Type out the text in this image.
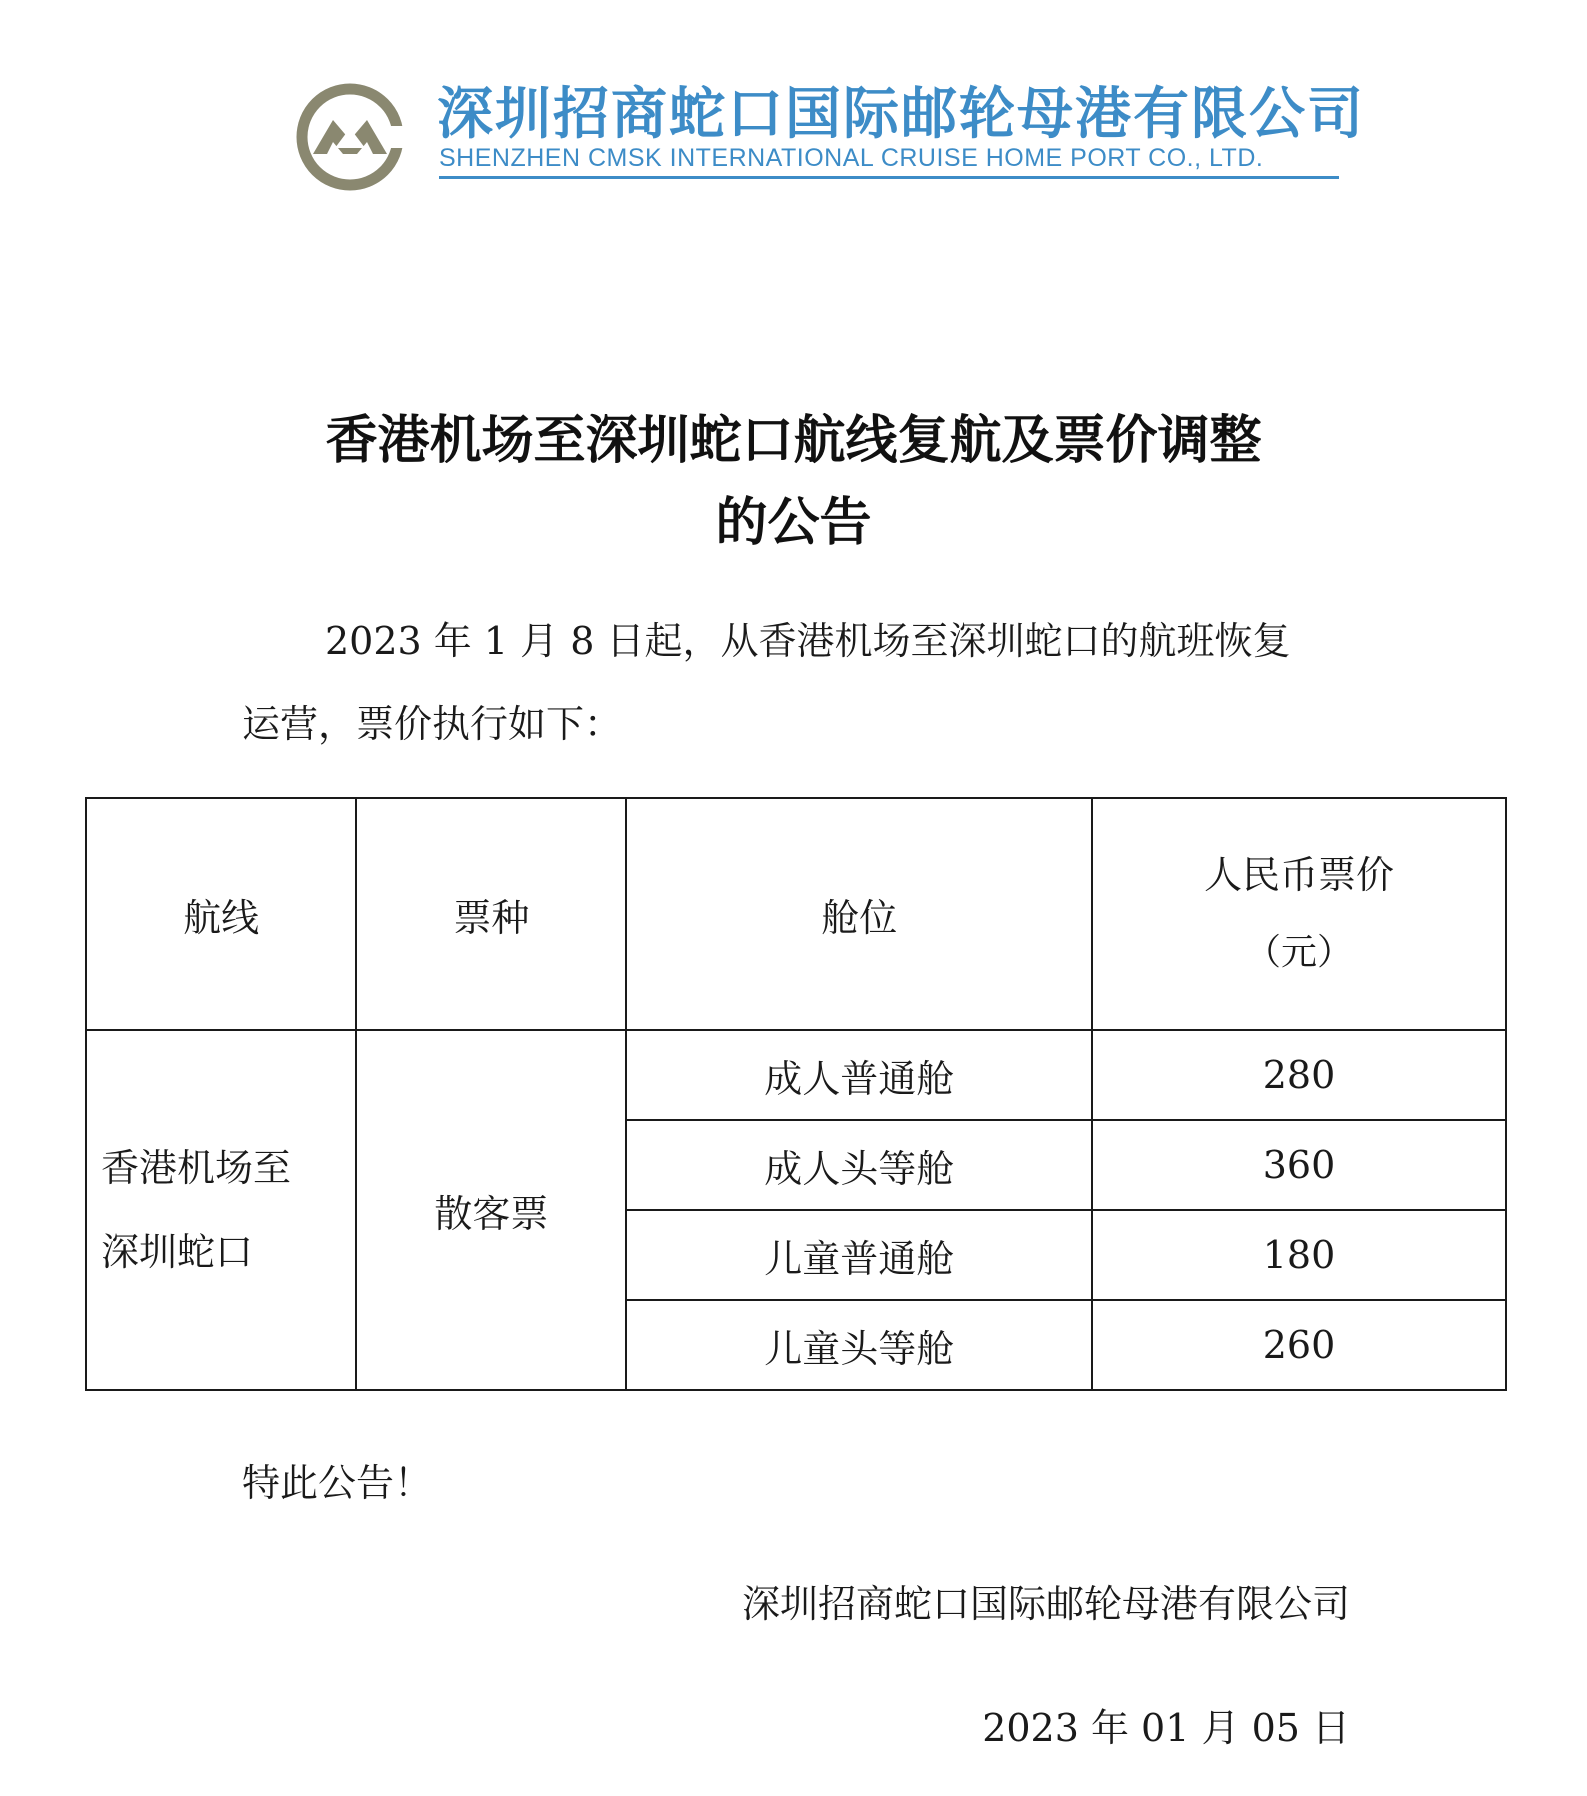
深圳招商蛇口国际邮轮母港有限公司
SHENZHEN CMSK INTERNATIONAL CRUISE HOME PORT CO., LTD.
香港机场至深圳蛇口航线复航及票价调整
的公告
2023 年 1 月 8 日起，从香港机场至深圳蛇口的航班恢复
运营，票价执行如下：
航线	票种	舱位	人民币票价
（元）

香港机场至
深圳蛇口	散客票	成人普通舱	280
		成人头等舱	360
		儿童普通舱	180
		儿童头等舱	260
特此公告！
深圳招商蛇口国际邮轮母港有限公司
2023 年 01 月 05 日
